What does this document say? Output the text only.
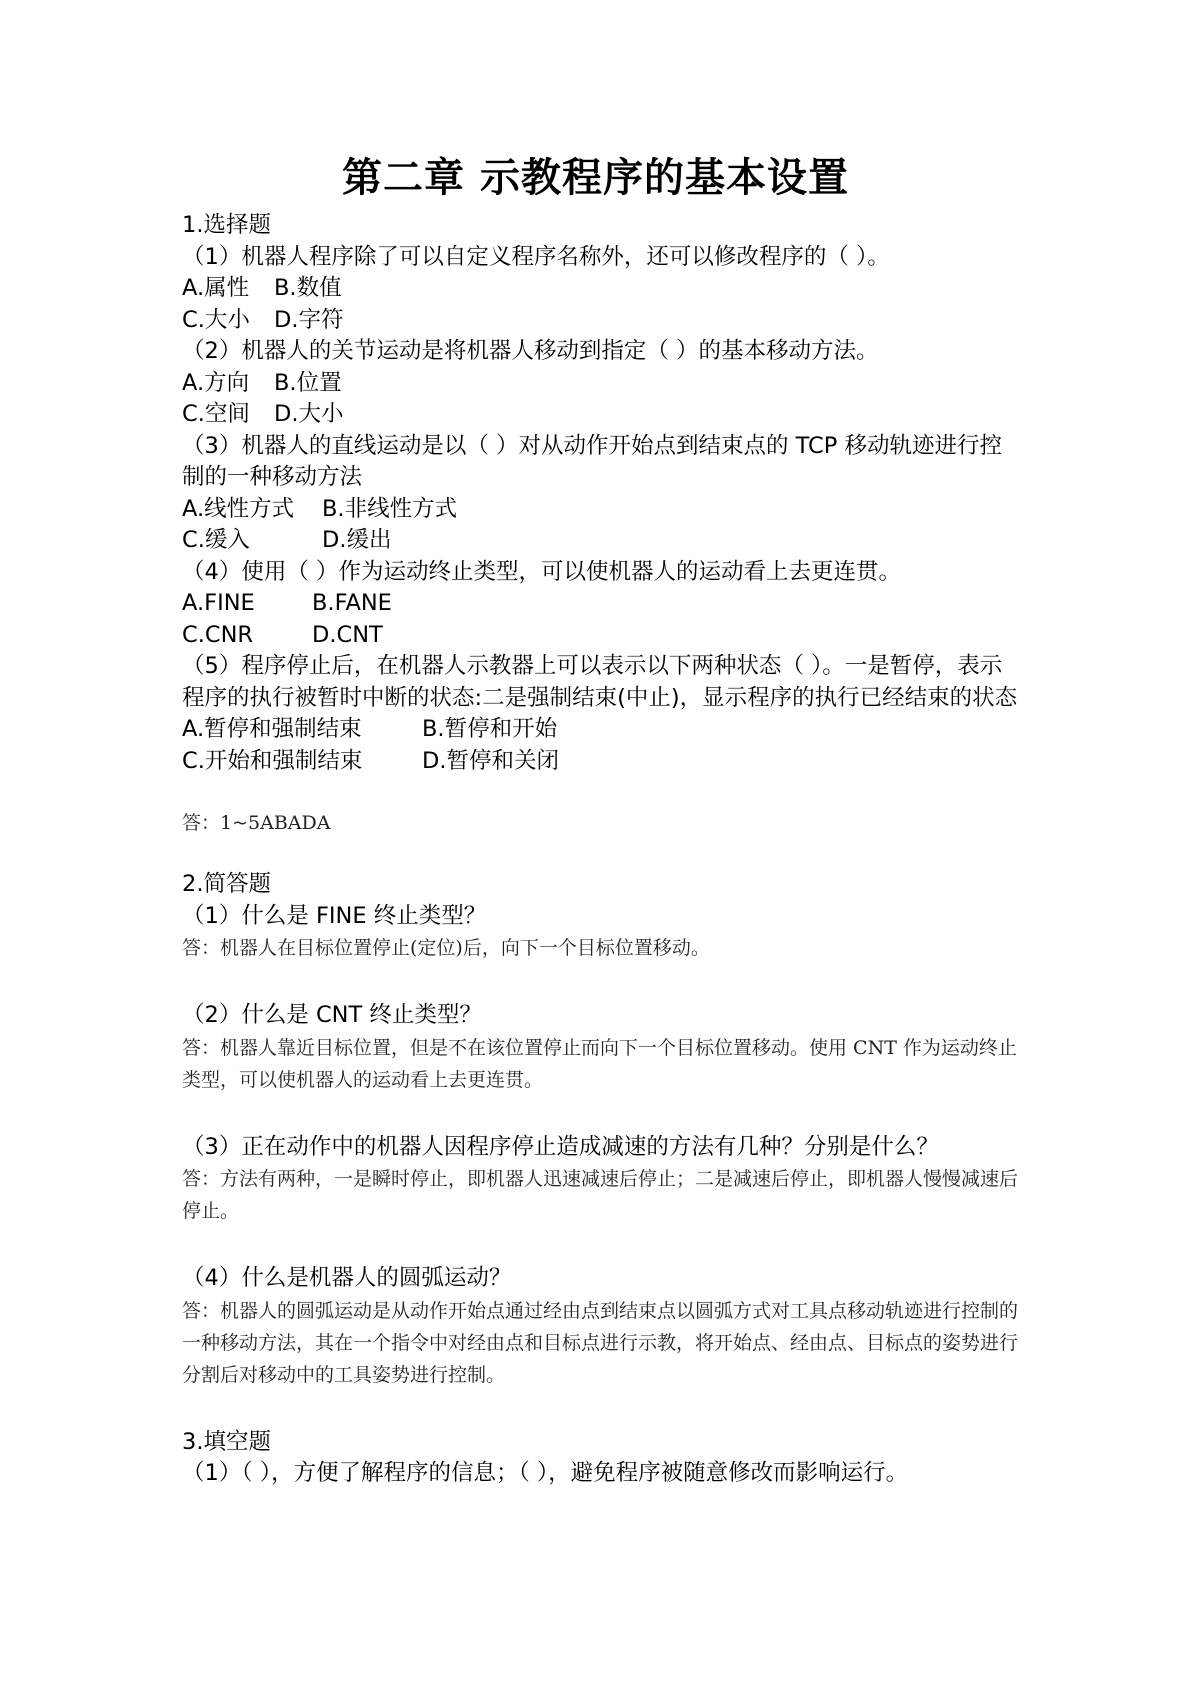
第二章 示教程序的基本设置
1.选择题
（1）机器人程序除了可以自定义程序名称外，还可以修改程序的（ ）。
A.属性 B.数值
C.大小 D.字符
（2）机器人的关节运动是将机器人移动到指定（ ）的基本移动方法。
A.方向 B.位置
C.空间 D.大小
（3）机器人的直线运动是以（ ）对从动作开始点到结束点的 TCP 移动轨迹进行控制的一种移动方法
A.线性方式 B.非线性方式
C.缓入	D.缓出
（4）使用（ ）作为运动终止类型，可以使机器人的运动看上去更连贯。
A.FINE	B.FANE
C.CNR	D.CNT
（5）程序停止后，在机器人示教器上可以表示以下两种状态（ ）。一是暂停，表示程序的执行被暂时中断的状态:二是强制结束(中止)，显示程序的执行已经结束的状态
A.暂停和强制结束	B.暂停和开始
C.开始和强制结束	D.暂停和关闭
答：1~5ABADA
2.简答题
（1）什么是 FINE 终止类型？
答：机器人在目标位置停止(定位)后，向下一个目标位置移动。
（2）什么是 CNT 终止类型？
答：机器人靠近目标位置，但是不在该位置停止而向下一个目标位置移动。使用 CNT 作为运动终止类型，可以使机器人的运动看上去更连贯。
（3）正在动作中的机器人因程序停止造成减速的方法有几种？分别是什么？
答：方法有两种，一是瞬时停止，即机器人迅速减速后停止；二是减速后停止，即机器人慢慢减速后停止。
（4）什么是机器人的圆弧运动？
答：机器人的圆弧运动是从动作开始点通过经由点到结束点以圆弧方式对工具点移动轨迹进行控制的一种移动方法，其在一个指令中对经由点和目标点进行示教，将开始点、经由点、目标点的姿势进行分割后对移动中的工具姿势进行控制。
3.填空题
（1）（ ），方便了解程序的信息；（ ），避免程序被随意修改而影响运行。
